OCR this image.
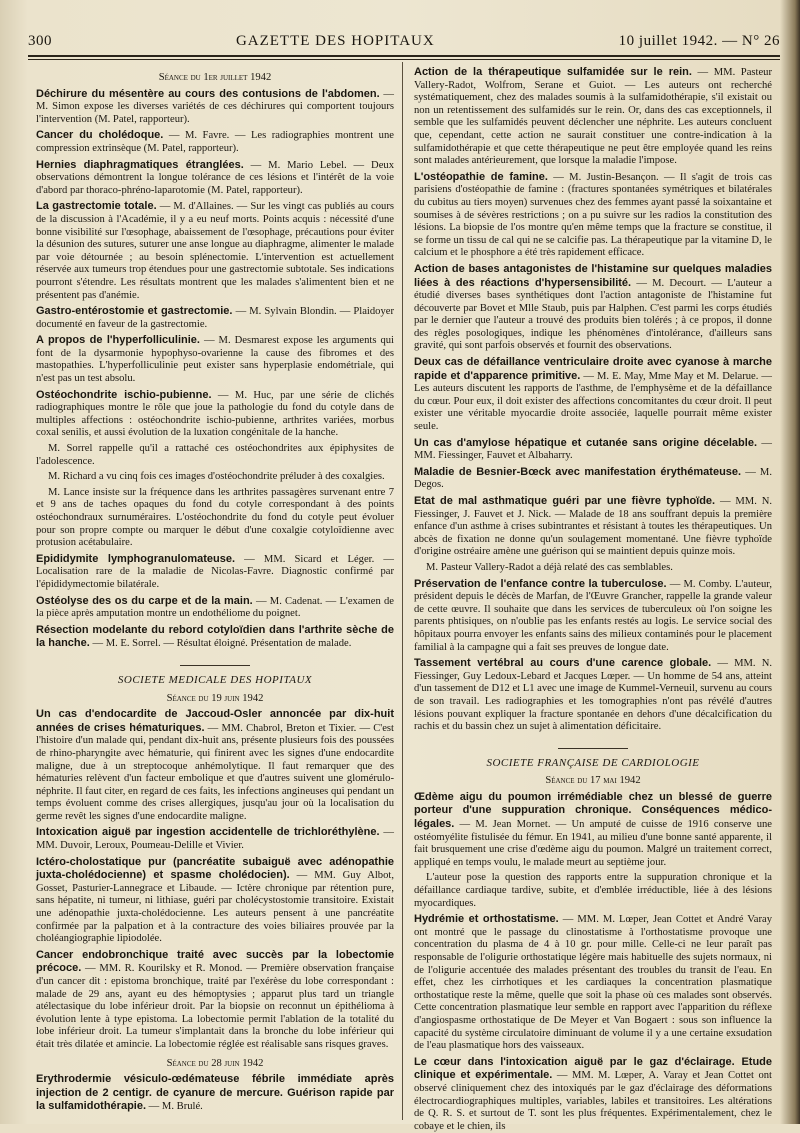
300	GAZETTE DES HOPITAUX	10 juillet 1942. — N° 26
Séance du 1er juillet 1942

Déchirure du mésentère au cours des contusions de l'abdomen. — M. Simon expose les diverses variétés de ces déchirures qui comportent toujours l'intervention (M. Patel, rapporteur).

Cancer du cholédoque. — M. Favre. — Les radiographies montrent une compression extrinsèque (M. Patel, rapporteur).

Hernies diaphragmatiques étranglées. — M. Mario Lebel. — Deux observations démontrent la longue tolérance de ces lésions et l'intérêt de la voie d'abord par thoraco-phréno-laparotomie (M. Patel, rapporteur).

La gastrectomie totale. — M. d'Allaines. — Sur les vingt cas publiés au cours de la discussion à l'Académie, il y a eu neuf morts. Points acquis : nécessité d'une bonne visibilité sur l'œsophage, abaissement de l'œsophage, précautions pour éviter la désunion des sutures, suturer une anse longue au diaphragme, alimenter le malade par voie détournée ; au besoin splénectomie. L'intervention est actuellement réservée aux tumeurs trop étendues pour une gastrectomie subtotale. Ses indications pourront s'étendre. Les résultats montrent que les malades s'alimentent bien et ne présentent pas d'anémie.

Gastro-entérostomie et gastrectomie. — M. Sylvain Blondin. — Plaidoyer documenté en faveur de la gastrectomie.

A propos de l'hyperfolliculinie. — M. Desmarest expose les arguments qui font de la dysarmonie hypophyso-ovarienne la cause des fibromes et des mastopathies. L'hyperfolliculinie peut exister sans hyperplasie endométriale, qui n'est pas un test absolu.

Ostéochondrite ischio-pubienne. — M. Huc, par une série de clichés radiographiques montre le rôle que joue la pathologie du fond du cotyle dans de multiples affections : ostéochondrite ischio-pubienne, arthrites variées, morbus coxal senilis, et aussi évolution de la luxation congénitale de la hanche.

M. Sorrel rappelle qu'il a rattaché ces ostéochondrites aux épiphysites de l'adolescence.

M. Richard a vu cinq fois ces images d'ostéochondrite préluder à des coxalgies.

M. Lance insiste sur la fréquence dans les arthrites passagères survenant entre 7 et 9 ans de taches opaques du fond du cotyle correspondant à des points ostéochondraux surnuméraires. L'ostéochondrite du fond du cotyle peut évoluer pour son propre compte ou marquer le début d'une coxalgie cotyloïdienne avec protusion acétabulaire.

Epididymite lymphogranulomateuse. — MM. Sicard et Léger. — Localisation rare de la maladie de Nicolas-Favre. Diagnostic confirmé par l'épididymectomie bilatérale.

Ostéolyse des os du carpe et de la main. — M. Cadenat. — L'examen de la pièce après amputation montre un endothéliome du poignet.

Résection modelante du rebord cotyloïdien dans l'arthrite sèche de la hanche. — M. E. Sorrel. — Résultat éloigné. Présentation de malade.

SOCIETE MEDICALE DES HOPITAUX
Séance du 19 juin 1942

Un cas d'endocardite de Jaccoud-Osler annoncée par dix-huit années de crises hématuriques. — MM. Chabrol, Breton et Tixier. — C'est l'histoire d'un malade qui, pendant dix-huit ans, présente plusieurs fois des poussées de rhino-pharyngite avec hématurie, qui finirent avec les signes d'une endocardite maligne, due à un streptocoque anhémolytique. Il faut remarquer que des hématuries relèvent d'un facteur embolique et que d'autres suivent une glomérulo-néphrite. Il faut citer, en regard de ces faits, les infections angineuses qui pendant un temps évoluent comme des crises allergiques, jusqu'au jour où la localisation du germe revêt les signes d'une endocardite maligne.

Intoxication aiguë par ingestion accidentelle de trichloréthylène. — MM. Duvoir, Leroux, Poumeau-Delille et Vivier.

Ictéro-cholostatique pur (pancréatite subaiguë avec adénopathie juxta-cholédocienne) et spasme cholédocien). — MM. Guy Albot, Gosset, Pasturier-Lannegrace et Libaude. — Ictère chronique par rétention pure, sans hépatite, ni tumeur, ni lithiase, guéri par cholécystostomie transitoire. Existait une adénopathie juxta-cholédocienne. Les auteurs pensent à une pancréatite confirmée par la palpation et à la contracture des voies biliaires prouvée par la choléangiographie lipiodolée.

Cancer endobronchique traité avec succès par la lobectomie précoce. — MM. R. Kourilsky et R. Monod. — Première observation française d'un cancer dit : epistoma bronchique, traité par l'exérèse du lobe correspondant : malade de 29 ans, ayant eu des hémoptysies ; apparut plus tard un triangle atélectasique du lobe inférieur droit. Par la biopsie on reconnut un épithélioma à évolution lente à type epistoma. La lobectomie permit l'ablation de la totalité du lobe inférieur droit. La tumeur s'implantait dans la bronche du lobe inférieur qui était très dilatée et amincie. La lobectomie réglée est réalisable sans risques graves.

Séance du 28 juin 1942

Erythrodermie vésiculo-œdémateuse fébrile immédiate après injection de 2 centigr. de cyanure de mercure. Guérison rapide par la sulfamidothérapie. — M. Brulé.

Action de la thérapeutique sulfamidée sur le rein. — MM. Pasteur Vallery-Radot, Wolfrom, Serane et Guiot. — Les auteurs ont recherché systématiquement, chez des malades soumis à la sulfamidothérapie, s'il existait ou non un retentissement des sulfamidés sur le rein. Or, dans des cas exceptionnels, il semble que les sulfamidés peuvent déclencher une néphrite. Les auteurs concluent que, cependant, cette action ne saurait constituer une contre-indication à la sulfamidothérapie et que cette thérapeutique ne peut être employée quand les reins sont malades antérieurement, que lorsque la maladie l'impose.

L'ostéopathie de famine. — M. Justin-Besançon. — Il s'agit de trois cas parisiens d'ostéopathie de famine : (fractures spontanées symétriques et bilatérales du cubitus au tiers moyen) survenues chez des femmes ayant passé la soixantaine et soumises à de sévères restrictions ; on a pu suivre sur les radios la constitution des lésions. La biopsie de l'os montre qu'en même temps que la fracture se constitue, il se forme un tissu de cal qui ne se calcifie pas. La thérapeutique par la vitamine D, le calcium et le phosphore a été très rapidement efficace.

Action de bases antagonistes de l'histamine sur quelques maladies liées à des réactions d'hypersensibilité. — M. Decourt. — L'auteur a étudié diverses bases synthétiques dont l'action antagoniste de l'histamine fut découverte par Bovet et Mlle Staub, puis par Halphen. C'est parmi les corps étudiés par le dernier que l'auteur a trouvé des produits bien tolérés ; à ce propos, il donne des règles posologiques, indique les phénomènes d'intolérance, d'ailleurs sans gravité, qui sont parfois observés et fournit des observations.

Deux cas de défaillance ventriculaire droite avec cyanose à marche rapide et d'apparence primitive. — M. E. May, Mme May et M. Delarue. — Les auteurs discutent les rapports de l'asthme, de l'emphysème et de la défaillance du cœur. Pour eux, il doit exister des affections concomitantes du cœur droit. Il peut exister une véritable myocardie droite associée, laquelle pourrait même exister seule.

Un cas d'amylose hépatique et cutanée sans origine décelable. — MM. Fiessinger, Fauvet et Albaharry.

Maladie de Besnier-Bœck avec manifestation érythémateuse. — M. Degos.

Etat de mal asthmatique guéri par une fièvre typhoïde. — MM. N. Fiessinger, J. Fauvet et J. Nick. — Malade de 18 ans souffrant depuis la première enfance d'un asthme à crises subintrantes et résistant à toutes les thérapeutiques. Un abcès de fixation ne donne qu'un soulagement momentané. Une fièvre typhoïde d'origine ostréaire amène une guérison qui se maintient depuis quinze mois.

M. Pasteur Vallery-Radot a déjà relaté des cas semblables.

Préservation de l'enfance contre la tuberculose. — M. Comby. L'auteur, président depuis le décès de Marfan, de l'Œuvre Grancher, rappelle la grande valeur de cette œuvre. Il souhaite que dans les services de tuberculeux où l'on soigne les parents phtisiques, on n'oublie pas les enfants restés au logis. Le service social des hôpitaux pourra envoyer les enfants sains des milieux contaminés pour le placement familial à la campagne qui a fait ses preuves de longue date.

Tassement vertébral au cours d'une carence globale. — MM. N. Fiessinger, Guy Ledoux-Lebard et Jacques Lœper. — Un homme de 54 ans, atteint d'un tassement de D12 et L1 avec une image de Kummel-Verneuil, survenu au cours de son travail. Les radiographies et les tomographies n'ont pas révélé d'autres lésions pouvant expliquer la fracture spontanée en dehors d'une décalcification du rachis et du bassin chez un sujet à alimentation déficitaire.

SOCIETE FRANÇAISE DE CARDIOLOGIE
Séance du 17 mai 1942

Œdème aigu du poumon irrémédiable chez un blessé de guerre porteur d'une suppuration chronique. Conséquences médico-légales. — M. Jean Mornet. — Un amputé de cuisse de 1916 conserve une ostéomyélite fistulisée du fémur. En 1941, au milieu d'une bonne santé apparente, il fait brusquement une crise d'œdème aigu du poumon. Malgré un traitement correct, appliqué en temps voulu, le malade meurt au septième jour.

L'auteur pose la question des rapports entre la suppuration chronique et la défaillance cardiaque tardive, subite, et d'emblée irréductible, liée à des lésions myocardiques.

Hydrémie et orthostatisme. — MM. M. Lœper, Jean Cottet et André Varay ont montré que le passage du clinostatisme à l'orthostatisme provoque une concentration du plasma de 4 à 10 gr. pour mille. Celle-ci ne leur paraît pas responsable de l'oligurie orthostatique légère mais habituelle des sujets normaux, ni de l'oligurie accentuée des malades présentant des troubles du transit de l'eau. En effet, chez les cirrhotiques et les cardiaques la concentration plasmatique orthostatique reste la même, quelle que soit la phase où ces malades sont observés. Cette concentration plasmatique leur semble en rapport avec l'apparition du réflexe d'angiospasme orthostatique de De Meyer et Van Bogaert : sous son influence la capacité du système circulatoire diminuant de volume il y a une certaine exsudation de l'eau plasmatique hors des vaisseaux.

Le cœur dans l'intoxication aiguë par le gaz d'éclairage. Etude clinique et expérimentale. — MM. M. Lœper, A. Varay et Jean Cottet ont observé cliniquement chez des intoxiqués par le gaz d'éclairage des déformations électrocardiographiques multiples, variables, labiles et transitoires. Les altérations de Q. R. S. et surtout de T. sont les plus fréquentes. Expérimentalement, chez le cobaye et le chien, ils
